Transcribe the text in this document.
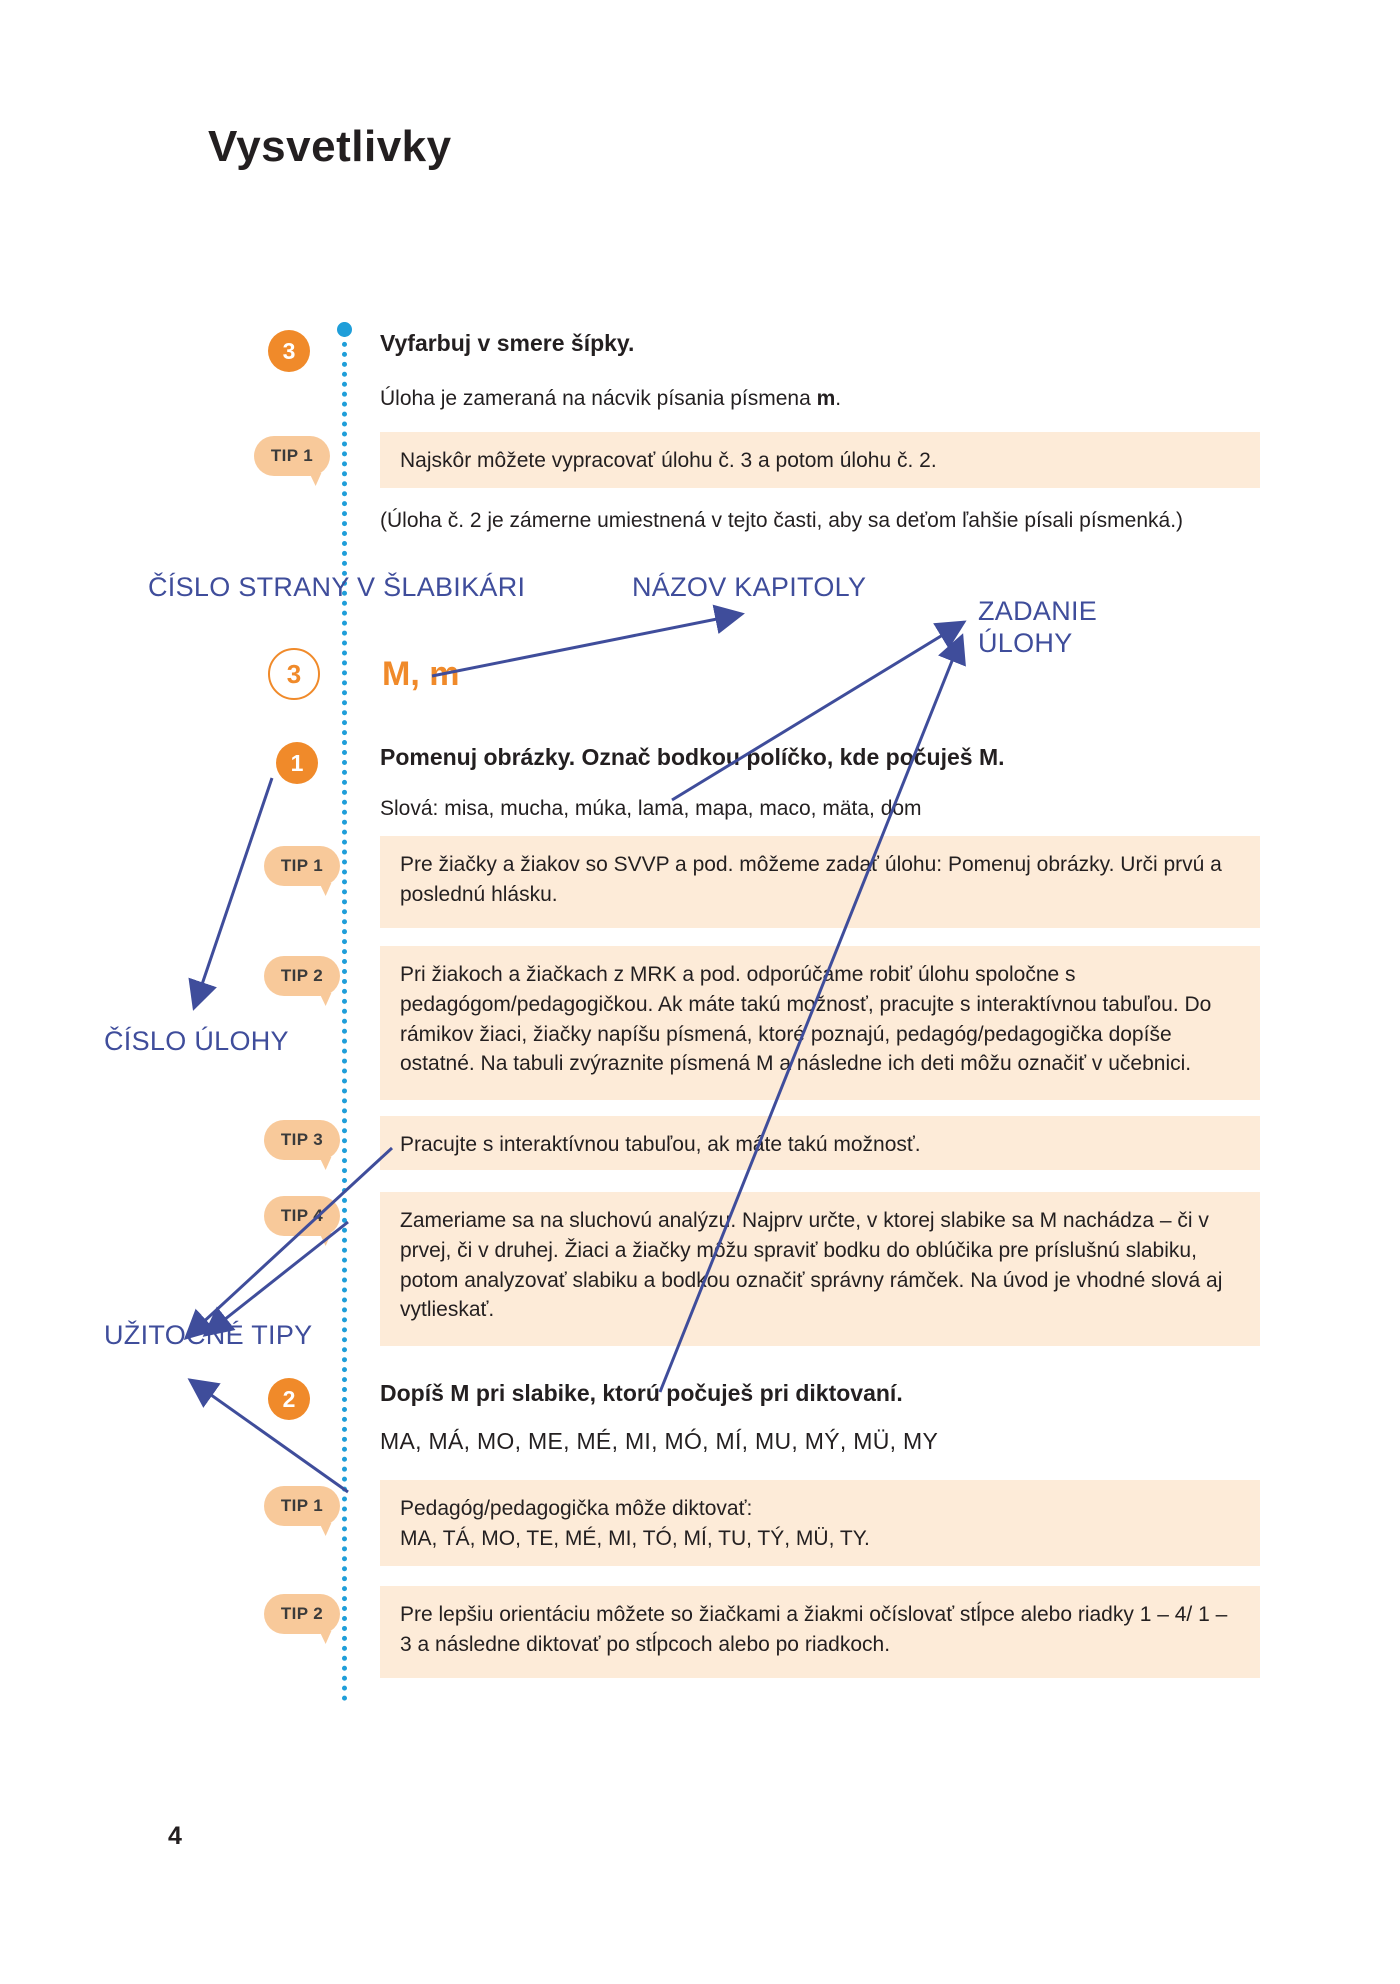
Vysvetlivky
3	Vyfarbuj v smere šípky.
Úloha je zameraná na nácvik písania písmena m.
TIP 1	Najskôr môžete vypracovať úlohu č. 3 a potom úlohu č. 2.
(Úloha č. 2 je zámerne umiestnená v tejto časti, aby sa deťom ľahšie písali písmenká.)
ČÍSLO STRANY V ŠLABIKÁRI	NÁZOV KAPITOLY
ZADANIE
ÚLOHY
3	M, m
1	Pomenuj obrázky. Označ bodkou políčko, kde počuješ M.
Slová: misa, mucha, múka, lama, mapa, maco, mäta, dom
TIP 1	Pre žiačky a žiakov so SVVP a pod. môžeme zadať úlohu: Pomenuj obrázky. Urči prvú a poslednú hlásku.
TIP 2	Pri žiakoch a žiačkach z MRK a pod. odporúčame robiť úlohu spoločne s pedagógom/pedagogičkou. Ak máte takú možnosť, pracujte s interaktívnou tabuľou. Do rámikov žiaci, žiačky napíšu písmená, ktoré poznajú, pedagóg/pedagogička dopíše ostatné. Na tabuli zvýraznite písmená M a následne ich deti môžu označiť v učebnici.
TIP 3	Pracujte s interaktívnou tabuľou, ak máte takú možnosť.
TIP 4	Zameriame sa na sluchovú analýzu. Najprv určte, v ktorej slabike sa M nachádza – či v prvej, či v druhej. Žiaci a žiačky môžu spraviť bodku do oblúčika pre príslušnú slabiku, potom analyzovať slabiku a bodkou označiť správny rámček. Na úvod je vhodné slová aj vytlieskať.
ČÍSLO ÚLOHY
UŽITOČNÉ TIPY
2	Dopíš M pri slabike, ktorú počuješ pri diktovaní.
MA, MÁ, MO, ME, MÉ, MI, MÓ, MÍ, MU, MÝ, MÜ, MY
TIP 1	Pedagóg/pedagogička môže diktovať:
MA, TÁ, MO, TE, MÉ, MI, TÓ, MÍ, TU, TÝ, MÜ, TY.
TIP 2	Pre lepšiu orientáciu môžete so žiačkami a žiakmi očíslovať stĺpce alebo riadky 1 – 4/ 1 – 3 a následne diktovať po stĺpcoch alebo po riadkoch.
4
